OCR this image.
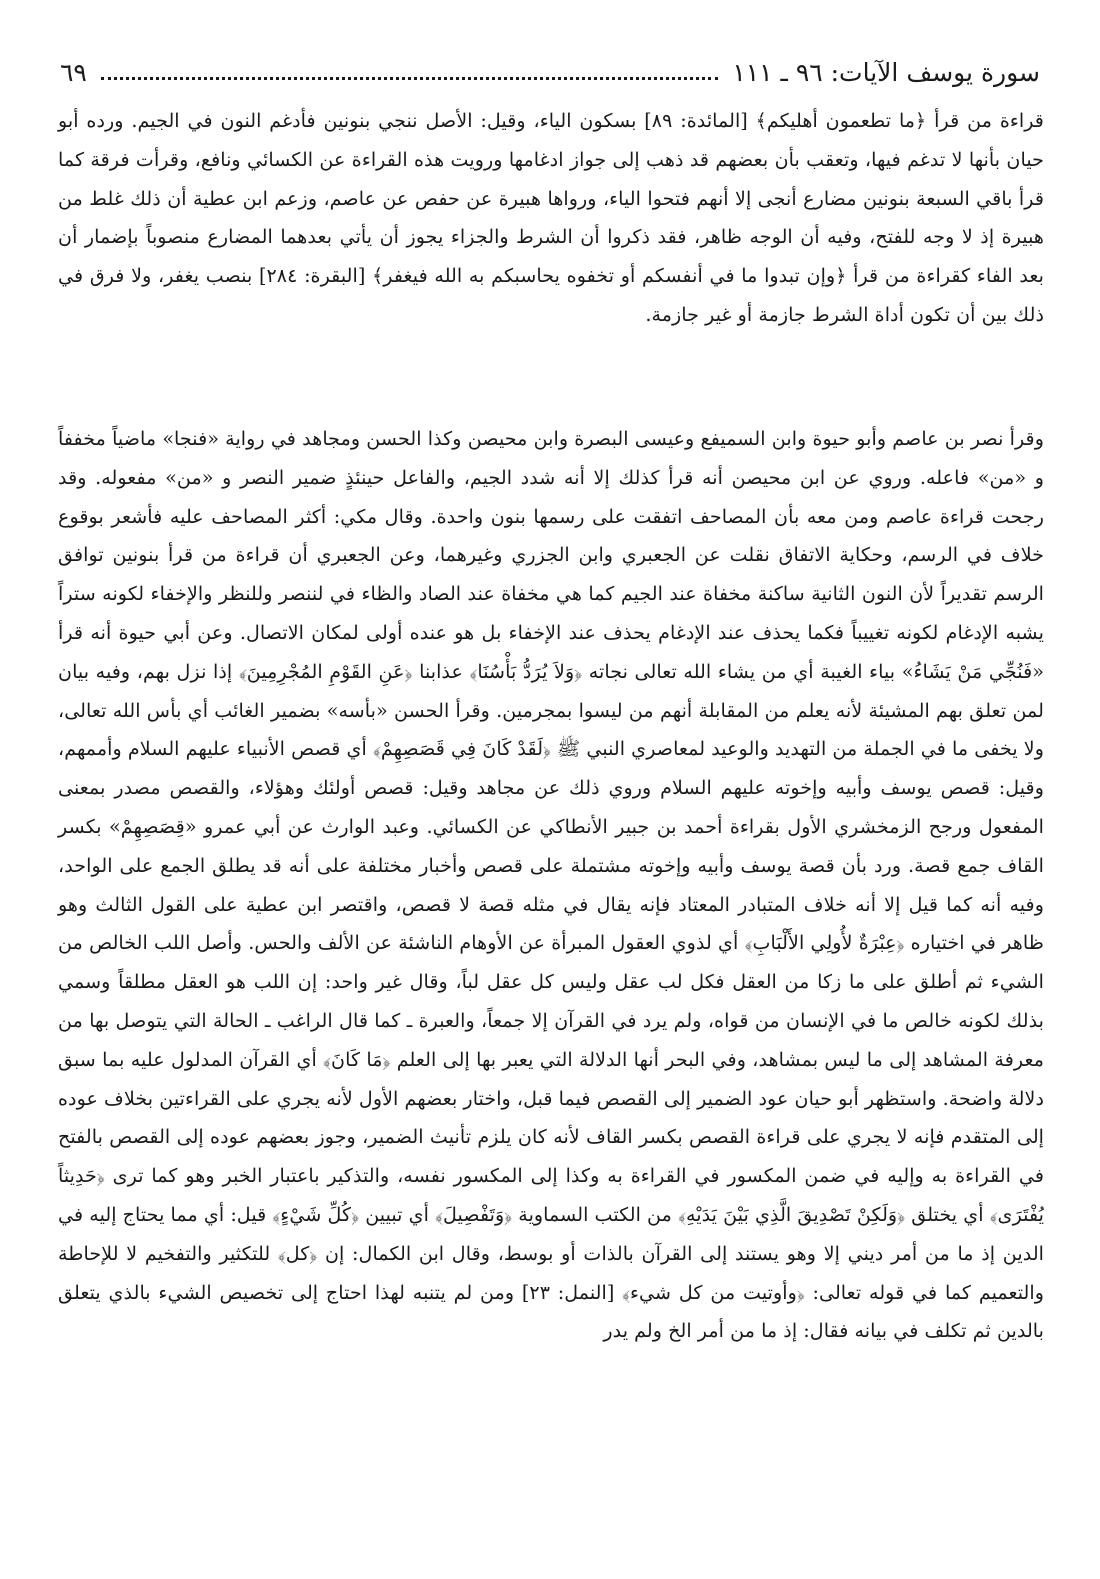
سورة يوسف الآيات: ٩٦ ـ ١١١
٦٩

قراءة من قرأ ﴿ما تطعمون أهليكم﴾ [المائدة: ٨٩] بسكون الياء، وقيل: الأصل ننجي بنونين فأدغم النون في الجيم. ورده أبو حيان بأنها لا تدغم فيها، وتعقب بأن بعضهم قد ذهب إلى جواز ادغامها ورويت هذه القراءة عن الكسائي ونافع، وقرأت فرقة كما قرأ باقي السبعة بنونين مضارع أنجى إلا أنهم فتحوا الياء، ورواها هبيرة عن حفص عن عاصم، وزعم ابن عطية أن ذلك غلط من هبيرة إذ لا وجه للفتح، وفيه أن الوجه ظاهر، فقد ذكروا أن الشرط والجزاء يجوز أن يأتي بعدهما المضارع منصوباً بإضمار أن بعد الفاء كقراءة من قرأ ﴿وإن تبدوا ما في أنفسكم أو تخفوه يحاسبكم به الله فيغفر﴾ [البقرة: ٢٨٤] بنصب يغفر، ولا فرق في ذلك بين أن تكون أداة الشرط جازمة أو غير جازمة.

وقرأ نصر بن عاصم وأبو حيوة وابن السميفع وعيسى البصرة وابن محيصن وكذا الحسن ومجاهد في رواية «فنجا» ماضياً مخففاً و «من» فاعله. وروي عن ابن محيصن أنه قرأ كذلك إلا أنه شدد الجيم، والفاعل حينئذٍ ضمير النصر و «من» مفعوله. وقد رجحت قراءة عاصم ومن معه بأن المصاحف اتفقت على رسمها بنون واحدة. وقال مكي: أكثر المصاحف عليه فأشعر بوقوع خلاف في الرسم، وحكاية الاتفاق نقلت عن الجعبري وابن الجزري وغيرهما، وعن الجعبري أن قراءة من قرأ بنونين توافق الرسم تقديراً لأن النون الثانية ساكنة مخفاة عند الجيم كما هي مخفاة عند الصاد والظاء في لننصر وللنظر والإخفاء لكونه ستراً يشبه الإدغام لكونه تغييباً فكما يحذف عند الإدغام يحذف عند الإخفاء بل هو عنده أولى لمكان الاتصال. وعن أبي حيوة أنه قرأ «فَنُجِّي مَنْ يَشَاءُ» بياء الغيبة أي من يشاء الله تعالى نجاته ﴿وَلاَ يُرَدُّ بَأْسُنَا﴾ عذابنا ﴿عَنِ القَوْمِ المُجْرِمِينَ﴾ إذا نزل بهم، وفيه بيان لمن تعلق بهم المشيئة لأنه يعلم من المقابلة أنهم من ليسوا بمجرمين. وقرأ الحسن «بأسه» بضمير الغائب أي بأس الله تعالى، ولا يخفى ما في الجملة من التهديد والوعيد لمعاصري النبي ﷺ ﴿لَقَدْ كَانَ فِي قَصَصِهِمْ﴾ أي قصص الأنبياء عليهم السلام وأممهم، وقيل: قصص يوسف وأبيه وإخوته عليهم السلام وروي ذلك عن مجاهد وقيل: قصص أولئك وهؤلاء، والقصص مصدر بمعنى المفعول ورجح الزمخشري الأول بقراءة أحمد بن جبير الأنطاكي عن الكسائي. وعبد الوارث عن أبي عمرو «قِصَصِهِمْ» بكسر القاف جمع قصة. ورد بأن قصة يوسف وأبيه وإخوته مشتملة على قصص وأخبار مختلفة على أنه قد يطلق الجمع على الواحد، وفيه أنه كما قيل إلا أنه خلاف المتبادر المعتاد فإنه يقال في مثله قصة لا قصص، واقتصر ابن عطية على القول الثالث وهو ظاهر في اختياره ﴿عِبْرَةٌ لأُولِي الأَلْبَابِ﴾ أي لذوي العقول المبرأة عن الأوهام الناشئة عن الألف والحس. وأصل اللب الخالص من الشيء ثم أطلق على ما زكا من العقل فكل لب عقل وليس كل عقل لباً، وقال غير واحد: إن اللب هو العقل مطلقاً وسمي بذلك لكونه خالص ما في الإنسان من قواه، ولم يرد في القرآن إلا جمعاً، والعبرة ـ كما قال الراغب ـ الحالة التي يتوصل بها من معرفة المشاهد إلى ما ليس بمشاهد، وفي البحر أنها الدلالة التي يعبر بها إلى العلم ﴿مَا كَانَ﴾ أي القرآن المدلول عليه بما سبق دلالة واضحة. واستظهر أبو حيان عود الضمير إلى القصص فيما قبل، واختار بعضهم الأول لأنه يجري على القراءتين بخلاف عوده إلى المتقدم فإنه لا يجري على قراءة القصص بكسر القاف لأنه كان يلزم تأنيث الضمير، وجوز بعضهم عوده إلى القصص بالفتح في القراءة به وإليه في ضمن المكسور في القراءة به وكذا إلى المكسور نفسه، والتذكير باعتبار الخبر وهو كما ترى ﴿حَدِيثاً يُفْتَرَى﴾ أي يختلق ﴿وَلَكِنْ تَصْدِيقَ الَّذِي بَيْنَ يَدَيْهِ﴾ من الكتب السماوية ﴿وَتَفْصِيلَ﴾ أي تبيين ﴿كُلِّ شَيْءٍ﴾ قيل: أي مما يحتاج إليه في الدين إذ ما من أمر ديني إلا وهو يستند إلى القرآن بالذات أو بوسط، وقال ابن الكمال: إن ﴿كل﴾ للتكثير والتفخيم لا للإحاطة والتعميم كما في قوله تعالى: ﴿وأوتيت من كل شيء﴾ [النمل: ٢٣] ومن لم يتنبه لهذا احتاج إلى تخصيص الشيء بالذي يتعلق بالدين ثم تكلف في بيانه فقال: إذ ما من أمر الخ ولم يدر
